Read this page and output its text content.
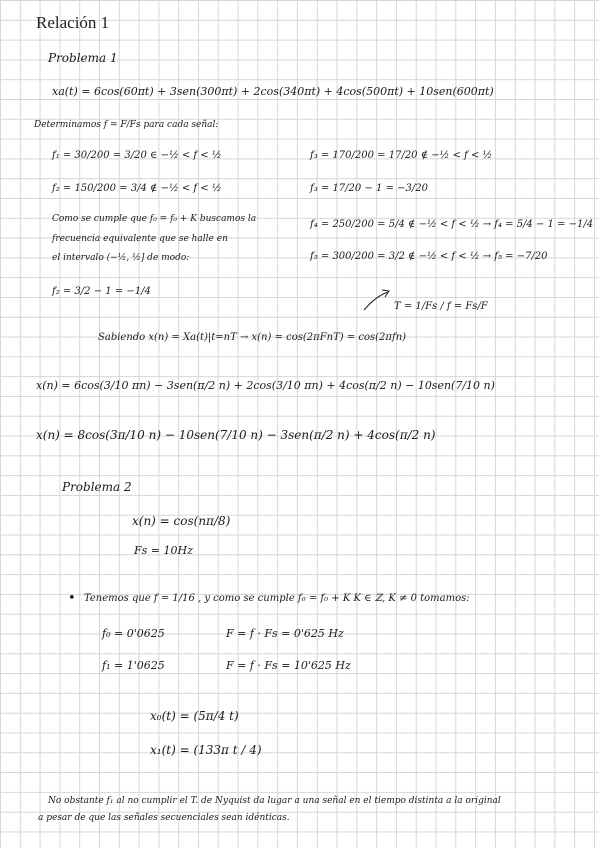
Relación 1
Problema 1
xa(t) = 6cos(60πt) + 3sen(300πt) + 2cos(340πt) + 4cos(500πt) + 10sen(600πt)
Determinamos f = F/Fs para cada señal:
f₁ = 30/200 = 3/20 ∈ −½ < f < ½
f₂ = 150/200 = 3/4 ∉ −½ < f < ½
Como se cumple que f₀ = f₀ + K buscamos la
frecuencia equivalente que se halle en
el intervalo (−½, ½] de modo:
f₂ = 3/2 − 1 = −1/4
f₃ = 170/200 = 17/20 ∉ −½ < f < ½
f₃ = 17/20 − 1 = −3/20
f₄ = 250/200 = 5/4 ∉ −½ < f < ½ → f₄ = 5/4 − 1 = −1/4
f₅ = 300/200 = 3/2 ∉ −½ < f < ½ → f₅ = −7/20
T = 1/Fs / f = Fs/F
Sabiendo x(n) = Xa(t)|t=nT → x(n) = cos(2πFnT) = cos(2πfn)
x(n) = 6cos(3/10 πn) − 3sen(π/2 n) + 2cos(3/10 πn) + 4cos(π/2 n) − 10sen(7/10 n)
x(n) = 8cos(3π/10 n) − 10sen(7/10 n) − 3sen(π/2 n) + 4cos(π/2 n)
Problema 2
x(n) = cos(nπ/8)
Fs = 10Hz
• Tenemos que f = 1/16 , y como se cumple f₀ = f₀ + K K ∈ ℤ, K ≠ 0 tomamos:
f₀ = 0'0625	F = f · Fs = 0'625 Hz
f₁ = 1'0625	F = f · Fs = 10'625 Hz
x₀(t) = (5π/4 t)
x₁(t) = (133π t / 4)
No obstante f₁ al no cumplir el T. de Nyquist da lugar a una señal en el tiempo distinta a la original
a pesar de que las señales secuenciales sean idénticas.
